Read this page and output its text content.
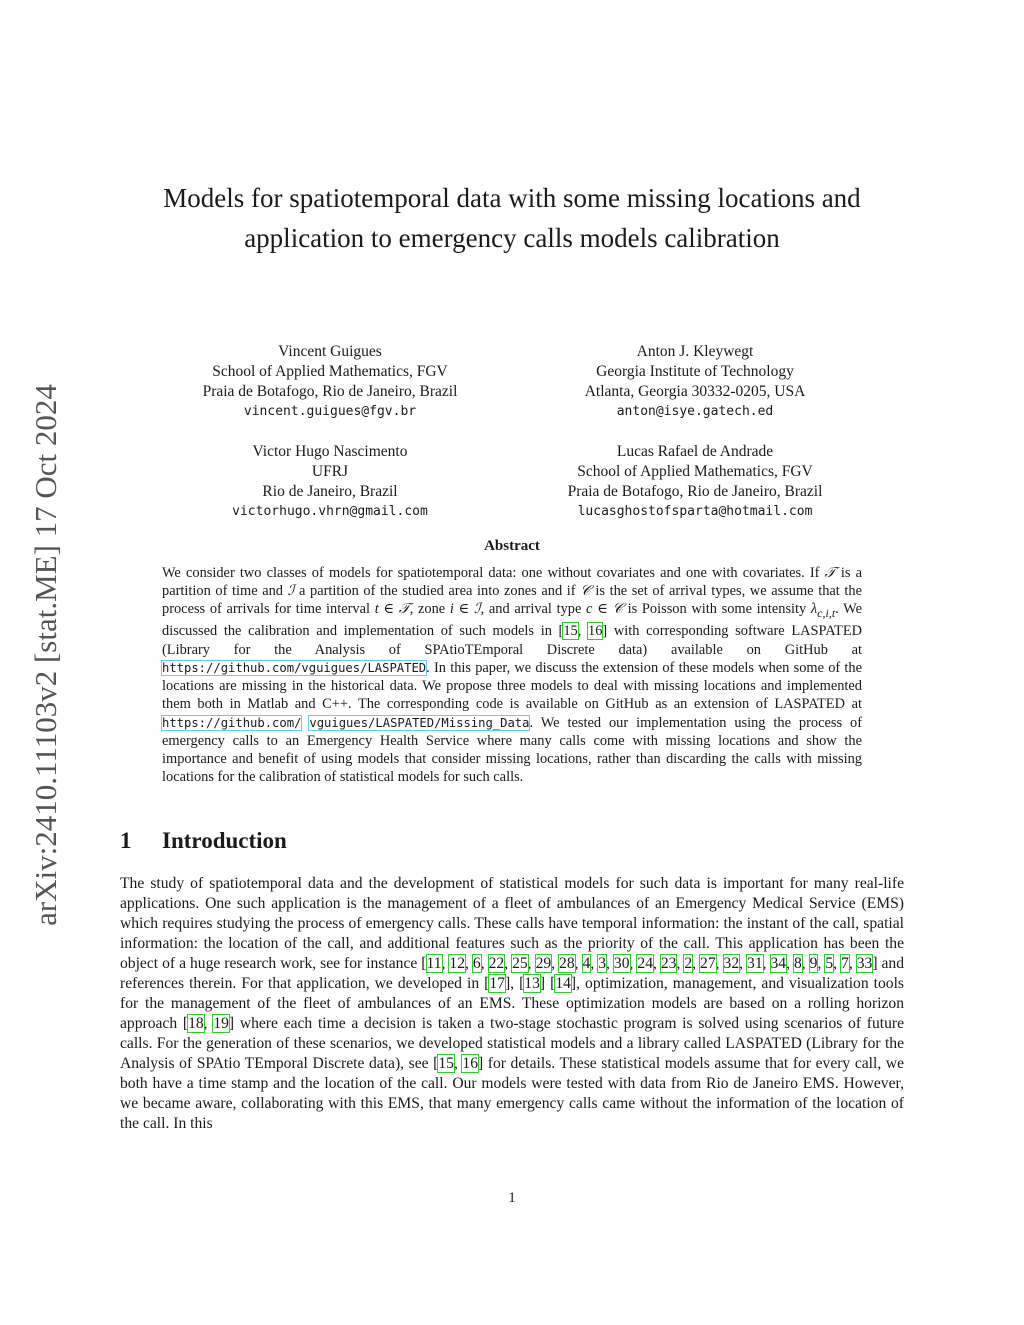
arXiv:2410.11103v2 [stat.ME] 17 Oct 2024
Models for spatiotemporal data with some missing locations and
application to emergency calls models calibration
Vincent Guigues
School of Applied Mathematics, FGV
Praia de Botafogo, Rio de Janeiro, Brazil
vincent.guigues@fgv.br
Anton J. Kleywegt
Georgia Institute of Technology
Atlanta, Georgia 30332-0205, USA
anton@isye.gatech.ed
Victor Hugo Nascimento
UFRJ
Rio de Janeiro, Brazil
victorhugo.vhrn@gmail.com
Lucas Rafael de Andrade
School of Applied Mathematics, FGV
Praia de Botafogo, Rio de Janeiro, Brazil
lucasghostofsparta@hotmail.com
Abstract
We consider two classes of models for spatiotemporal data: one without covariates and one with covariates. If 𝒯 is a partition of time and ℐ a partition of the studied area into zones and if 𝒞 is the set of arrival types, we assume that the process of arrivals for time interval t ∈ 𝒯, zone i ∈ ℐ, and arrival type c ∈ 𝒞 is Poisson with some intensity $\lambda_{c,i,t}$. We discussed the calibration and implementation of such models in [15, 16] with corresponding software LASPATED (Library for the Analysis of SPAtioTEmporal Discrete data) available on GitHub at https://github.com/vguigues/LASPATED. In this paper, we discuss the extension of these models when some of the locations are missing in the historical data. We propose three models to deal with missing locations and implemented them both in Matlab and C++. The corresponding code is available on GitHub as an extension of LASPATED at https://github.com/ vguigues/LASPATED/Missing_Data. We tested our implementation using the process of emergency calls to an Emergency Health Service where many calls come with missing locations and show the importance and benefit of using models that consider missing locations, rather than discarding the calls with missing locations for the calibration of statistical models for such calls.
1 Introduction
The study of spatiotemporal data and the development of statistical models for such data is important for many real-life applications. One such application is the management of a fleet of ambulances of an Emergency Medical Service (EMS) which requires studying the process of emergency calls. These calls have temporal information: the instant of the call, spatial information: the location of the call, and additional features such as the priority of the call. This application has been the object of a huge research work, see for instance [11, 12, 6, 22, 25, 29, 28, 4, 3, 30, 24, 23, 2, 27, 32, 31, 34, 8, 9, 5, 7, 33] and references therein. For that application, we developed in [17], [13] [14], optimization, management, and visualization tools for the management of the fleet of ambulances of an EMS. These optimization models are based on a rolling horizon approach [18, 19] where each time a decision is taken a two-stage stochastic program is solved using scenarios of future calls. For the generation of these scenarios, we developed statistical models and a library called LASPATED (Library for the Analysis of SPAtio TEmporal Discrete data), see [15, 16] for details. These statistical models assume that for every call, we both have a time stamp and the location of the call. Our models were tested with data from Rio de Janeiro EMS. However, we became aware, collaborating with this EMS, that many emergency calls came without the information of the location of the call. In this
1
